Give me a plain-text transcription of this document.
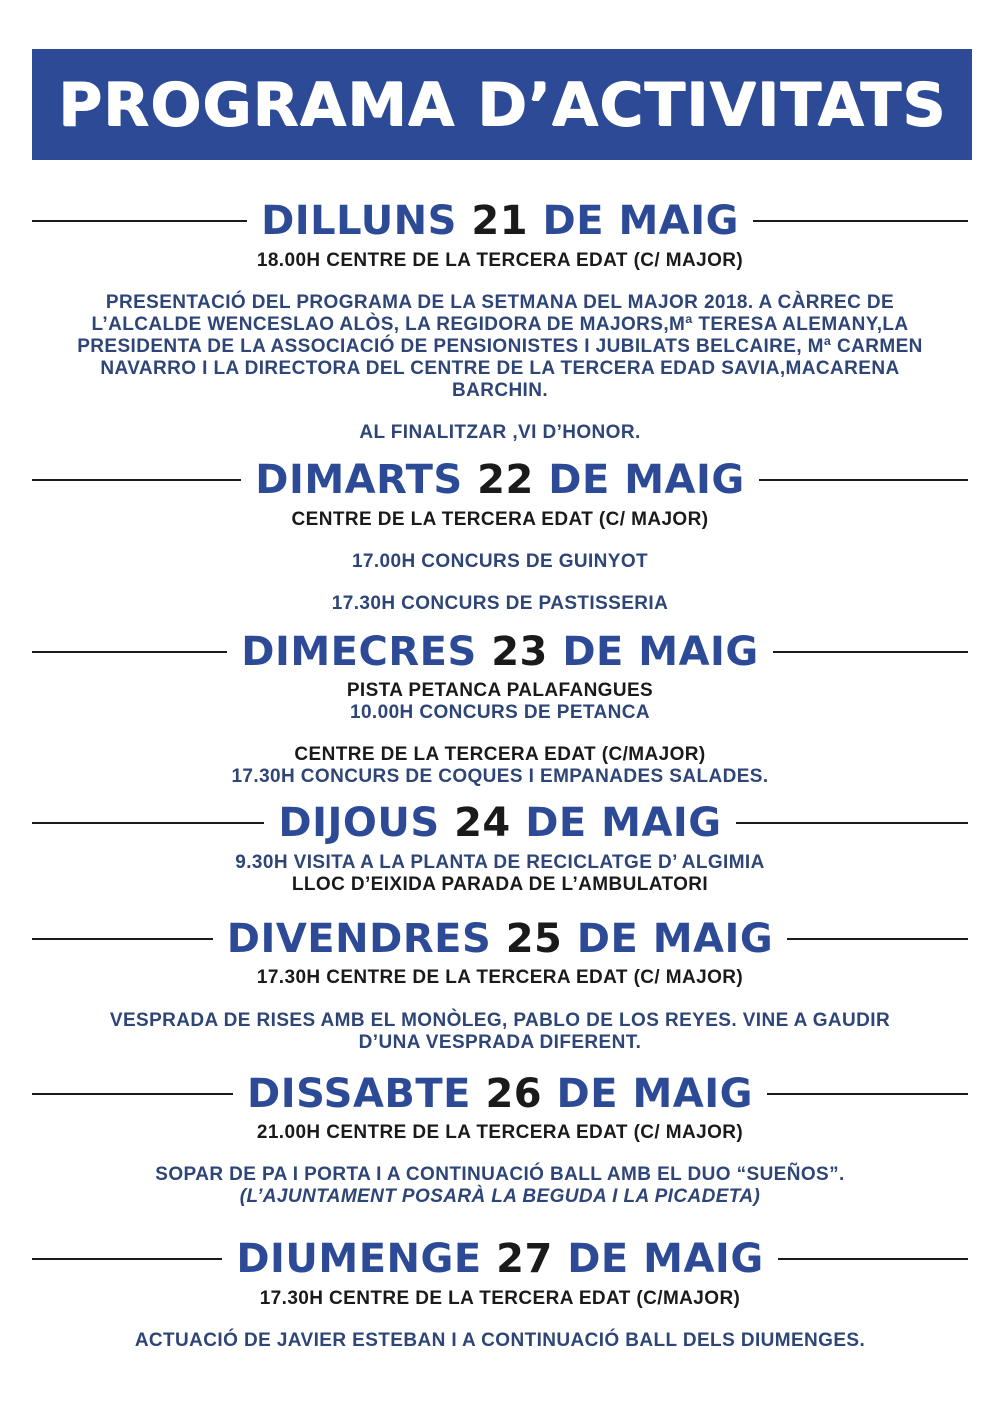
PROGRAMA D’ACTIVITATS
DILLUNS 21 DE MAIG
18.00H CENTRE DE LA TERCERA EDAT (C/ MAJOR)
PRESENTACIÓ DEL PROGRAMA DE LA SETMANA DEL MAJOR 2018. A CÀRREC DE
L’ALCALDE WENCESLAO ALÒS, LA REGIDORA DE MAJORS,Mª TERESA ALEMANY,LA
PRESIDENTA DE LA ASSOCIACIÓ DE PENSIONISTES I JUBILATS BELCAIRE, Mª CARMEN
NAVARRO I LA DIRECTORA DEL CENTRE DE LA TERCERA EDAD SAVIA,MACARENA
BARCHIN.
AL FINALITZAR ,VI D’HONOR.
DIMARTS 22 DE MAIG
CENTRE DE LA TERCERA EDAT (C/ MAJOR)
17.00H CONCURS DE GUINYOT
17.30H CONCURS DE PASTISSERIA
DIMECRES 23 DE MAIG
PISTA PETANCA PALAFANGUES
10.00H CONCURS DE PETANCA
CENTRE DE LA TERCERA EDAT (C/MAJOR)
17.30H CONCURS DE COQUES I EMPANADES SALADES.
DIJOUS 24 DE MAIG
9.30H VISITA A LA PLANTA DE RECICLATGE D’ ALGIMIA
LLOC D’EIXIDA PARADA DE L’AMBULATORI
DIVENDRES 25 DE MAIG
17.30H CENTRE DE LA TERCERA EDAT (C/ MAJOR)
VESPRADA DE RISES AMB EL MONÒLEG, PABLO DE LOS REYES. VINE A GAUDIR
D’UNA VESPRADA DIFERENT.
DISSABTE 26 DE MAIG
21.00H CENTRE DE LA TERCERA EDAT (C/ MAJOR)
SOPAR DE PA I PORTA I A CONTINUACIÓ BALL AMB EL DUO “SUEÑOS”.
(L’AJUNTAMENT POSARÀ LA BEGUDA I LA PICADETA)
DIUMENGE 27 DE MAIG
17.30H CENTRE DE LA TERCERA EDAT (C/MAJOR)
ACTUACIÓ DE JAVIER ESTEBAN I A CONTINUACIÓ BALL DELS DIUMENGES.
